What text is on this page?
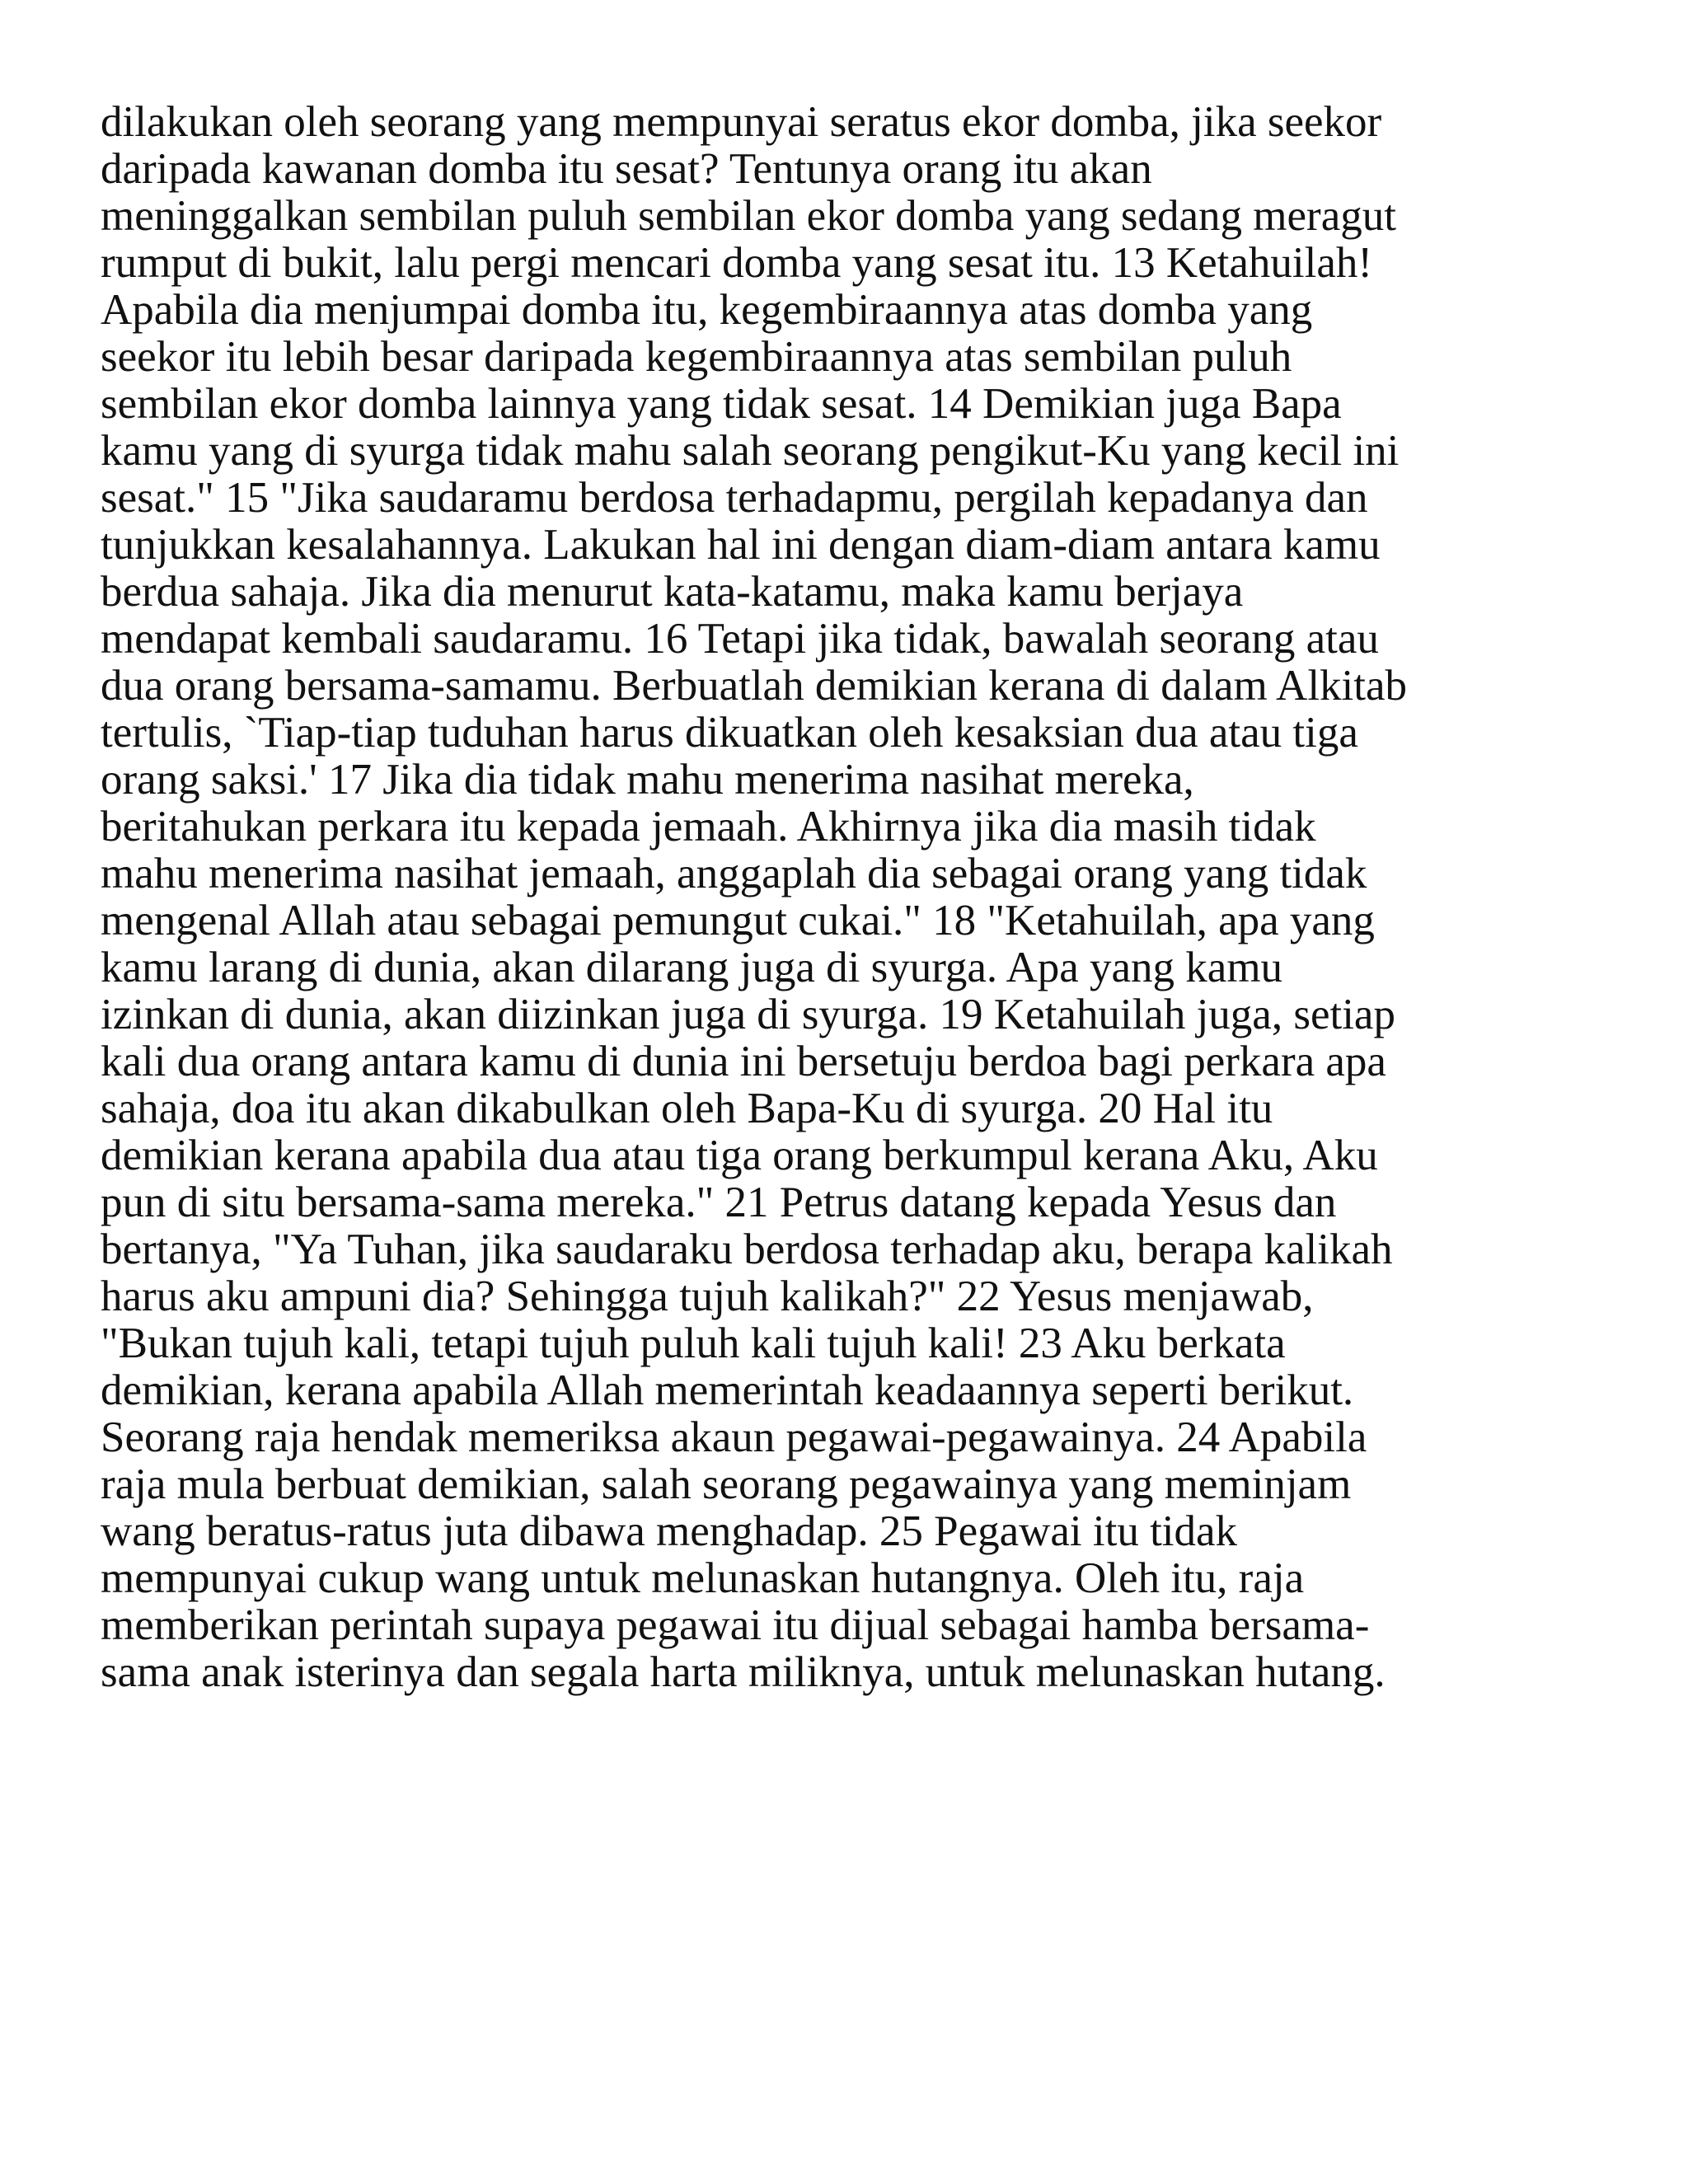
dilakukan oleh seorang yang mempunyai seratus ekor domba, jika seekor
daripada kawanan domba itu sesat? Tentunya orang itu akan
meninggalkan sembilan puluh sembilan ekor domba yang sedang meragut
rumput di bukit, lalu pergi mencari domba yang sesat itu. 13 Ketahuilah!
Apabila dia menjumpai domba itu, kegembiraannya atas domba yang
seekor itu lebih besar daripada kegembiraannya atas sembilan puluh
sembilan ekor domba lainnya yang tidak sesat. 14 Demikian juga Bapa
kamu yang di syurga tidak mahu salah seorang pengikut-Ku yang kecil ini
sesat." 15 "Jika saudaramu berdosa terhadapmu, pergilah kepadanya dan
tunjukkan kesalahannya. Lakukan hal ini dengan diam-diam antara kamu
berdua sahaja. Jika dia menurut kata-katamu, maka kamu berjaya
mendapat kembali saudaramu. 16 Tetapi jika tidak, bawalah seorang atau
dua orang bersama-samamu. Berbuatlah demikian kerana di dalam Alkitab
tertulis, `Tiap-tiap tuduhan harus dikuatkan oleh kesaksian dua atau tiga
orang saksi.' 17 Jika dia tidak mahu menerima nasihat mereka,
beritahukan perkara itu kepada jemaah. Akhirnya jika dia masih tidak
mahu menerima nasihat jemaah, anggaplah dia sebagai orang yang tidak
mengenal Allah atau sebagai pemungut cukai." 18 "Ketahuilah, apa yang
kamu larang di dunia, akan dilarang juga di syurga. Apa yang kamu
izinkan di dunia, akan diizinkan juga di syurga. 19 Ketahuilah juga, setiap
kali dua orang antara kamu di dunia ini bersetuju berdoa bagi perkara apa
sahaja, doa itu akan dikabulkan oleh Bapa-Ku di syurga. 20 Hal itu
demikian kerana apabila dua atau tiga orang berkumpul kerana Aku, Aku
pun di situ bersama-sama mereka." 21 Petrus datang kepada Yesus dan
bertanya, "Ya Tuhan, jika saudaraku berdosa terhadap aku, berapa kalikah
harus aku ampuni dia? Sehingga tujuh kalikah?" 22 Yesus menjawab,
"Bukan tujuh kali, tetapi tujuh puluh kali tujuh kali! 23 Aku berkata
demikian, kerana apabila Allah memerintah keadaannya seperti berikut.
Seorang raja hendak memeriksa akaun pegawai-pegawainya. 24 Apabila
raja mula berbuat demikian, salah seorang pegawainya yang meminjam
wang beratus-ratus juta dibawa menghadap. 25 Pegawai itu tidak
mempunyai cukup wang untuk melunaskan hutangnya. Oleh itu, raja
memberikan perintah supaya pegawai itu dijual sebagai hamba bersama-
sama anak isterinya dan segala harta miliknya, untuk melunaskan hutang.
